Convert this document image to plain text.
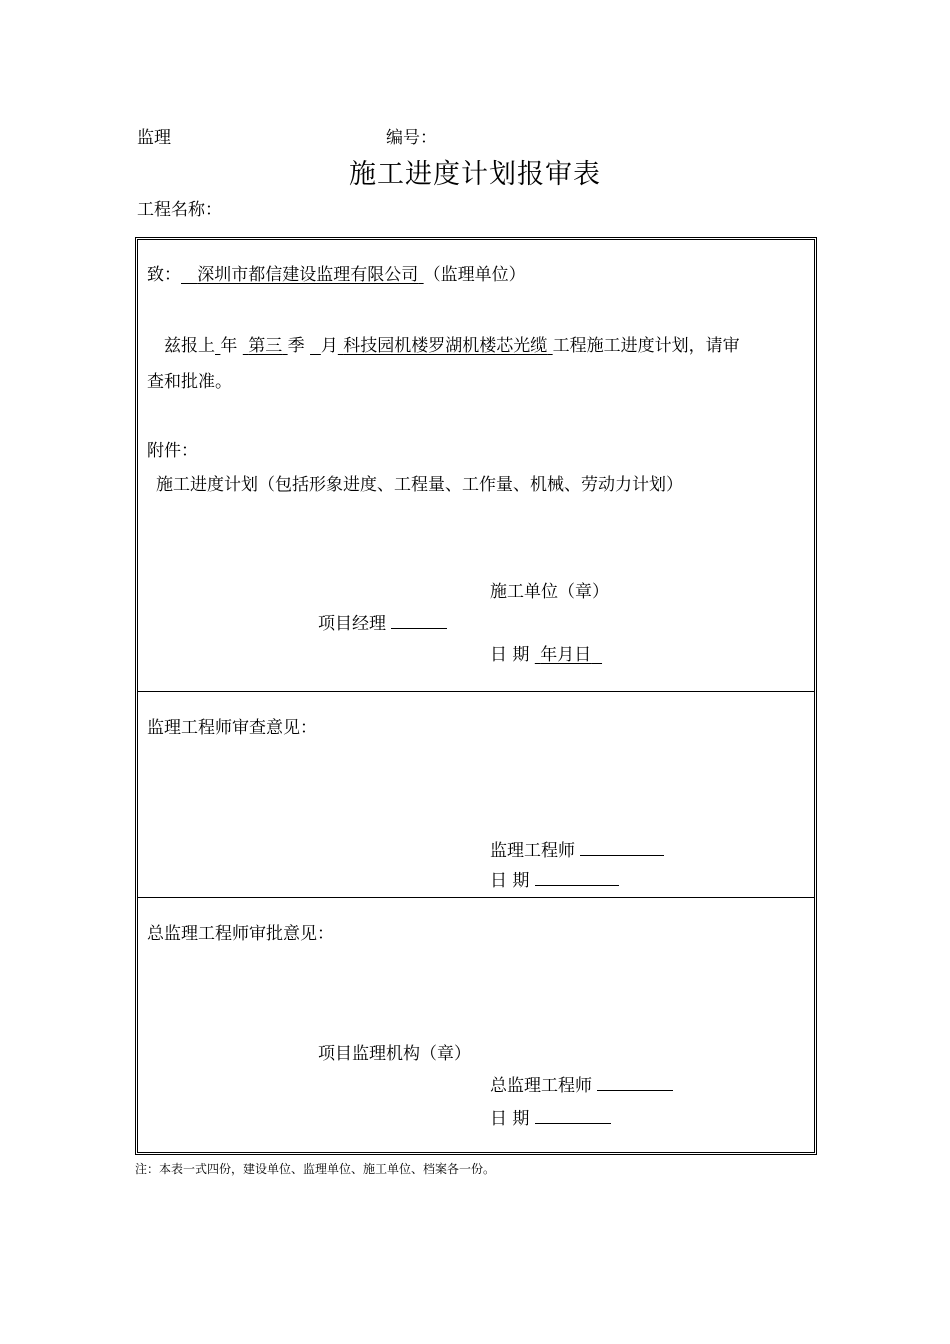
监理	编号：
施工进度计划报审表
工程名称：
致： 深圳市都信建设监理有限公司 （监理单位）
兹报上 年 第三 季 月 科技园机楼罗湖机楼芯光缆 工程施工进度计划，请审
查和批准。
附件：
施工进度计划（包括形象进度、工程量、工作量、机械、劳动力计划）
施工单位（章）
项目经理
日 期 年月日
监理工程师审查意见：
监理工程师
日 期
总监理工程师审批意见：
项目监理机构（章）
总监理工程师
日 期
注：本表一式四份，建设单位、监理单位、施工单位、档案各一份。
